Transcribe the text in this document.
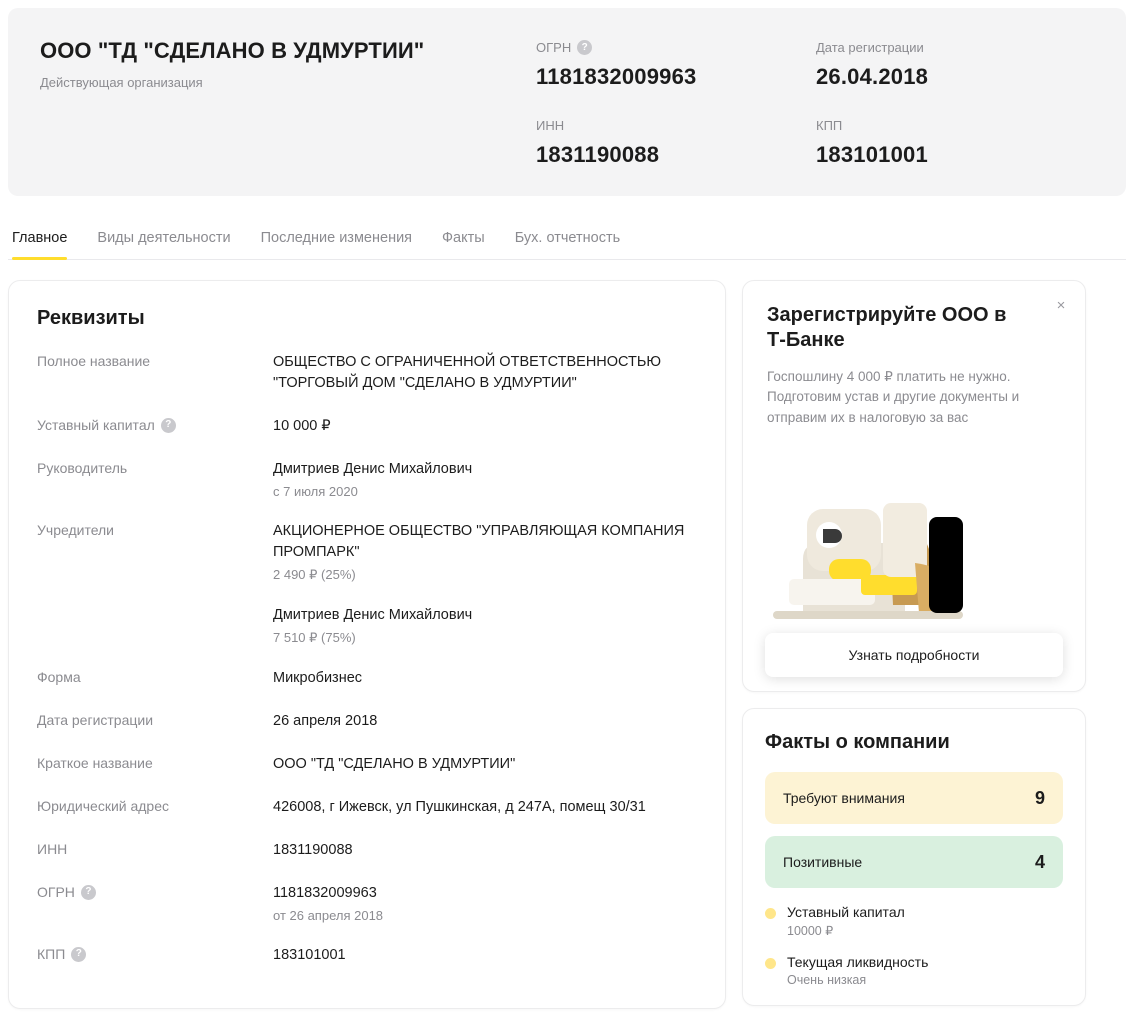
ООО "ТД "СДЕЛАНО В УДМУРТИИ"
Действующая организация
ОГРН	?
1181832009963
ИНН
1831190088
Дата регистрации
26.04.2018
КПП
183101001
Главное Виды деятельности Последние изменения Факты Бух. отчетность
Реквизиты
Полное название	ОБЩЕСТВО С ОГРАНИЧЕННОЙ ОТВЕТСТВЕННОСТЬЮ "ТОРГОВЫЙ ДОМ "СДЕЛАНО В УДМУРТИИ"
Уставный капитал	?	10 000 ₽
Руководитель	Дмитриев Денис Михайлович
с 7 июля 2020
Учредители	АКЦИОНЕРНОЕ ОБЩЕСТВО "УПРАВЛЯЮЩАЯ КОМПАНИЯ ПРОМПАРК"
2 490 ₽ (25%)
Дмитриев Денис Михайлович
7 510 ₽ (75%)
Форма	Микробизнес
Дата регистрации	26 апреля 2018
Краткое название	ООО "ТД "СДЕЛАНО В УДМУРТИИ"
Юридический адрес	426008, г Ижевск, ул Пушкинская, д 247А, помещ 30/31
ИНН	1831190088
ОГРН	?	1181832009963
от 26 апреля 2018
КПП	?	183101001
×
Зарегистрируйте ООО в Т-Банке
Госпошлину 4 000 ₽ платить не нужно. Подготовим устав и другие документы и отправим их в налоговую за вас
Узнать подробности
Факты о компании
Требуют внимания	9
Позитивные	4
Уставный капитал
10000 ₽
Текущая ликвидность
Очень низкая
